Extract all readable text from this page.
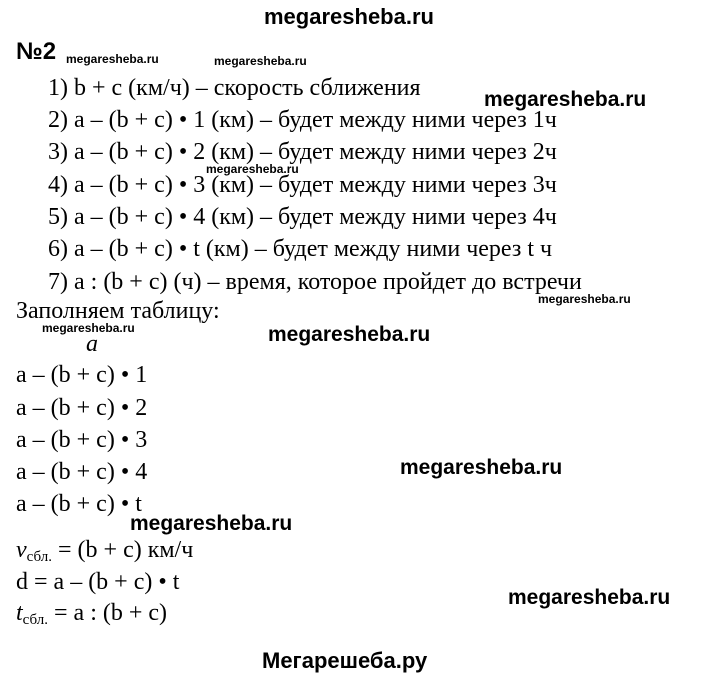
megaresheba.ru
№2 megaresheba.ru	megaresheba.ru
1) b + c (км/ч) – скорость сближения	megaresheba.ru
2) a – (b + c) • 1 (км) – будет между ними через 1ч
3) a – (b + c) • 2 (км) – будет между ними через 2ч
megaresheba.ru
4) a – (b + c) • 3 (км) – будет между ними через 3ч
5) a – (b + c) • 4 (км) – будет между ними через 4ч
6) a – (b + c) • t (км) – будет между ними через t ч
7) a : (b + c) (ч) – время, которое пройдет до встречи
Заполняем таблицу:	megaresheba.ru
megaresheba.ru	megaresheba.ru
a
a – (b + c) • 1
a – (b + c) • 2
a – (b + c) • 3
a – (b + c) • 4	megaresheba.ru
a – (b + c) • t
megaresheba.ru
vсбл. = (b + c) км/ч
d = a – (b + c) • t
tсбл. = a : (b + c)
megaresheba.ru
Мегарешеба.ру
